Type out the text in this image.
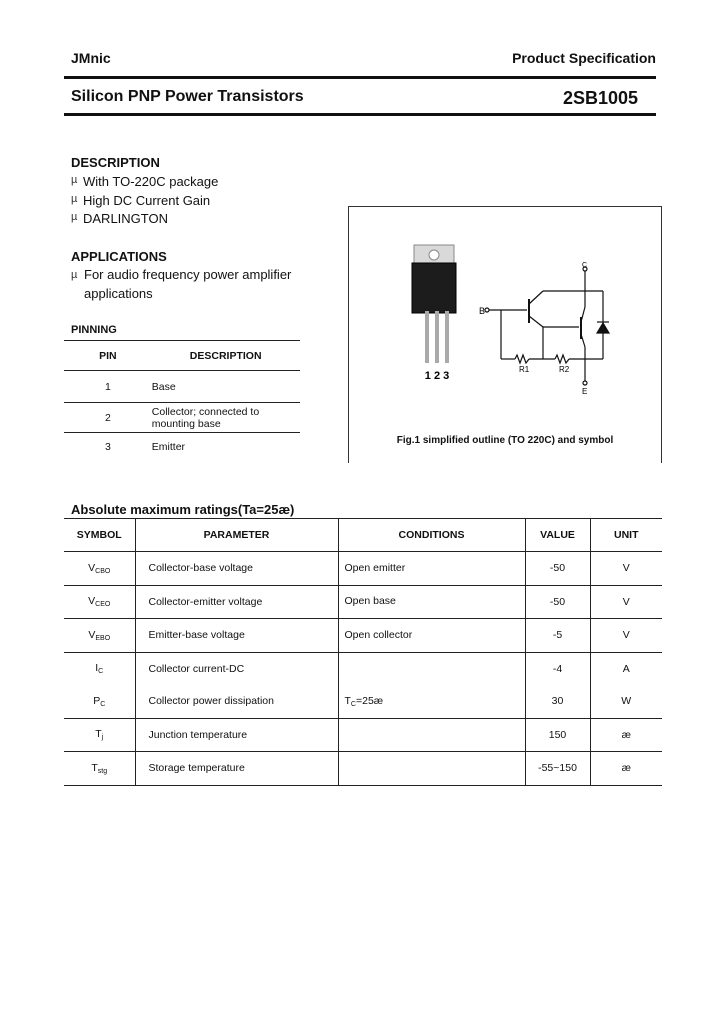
JMnic	Product Specification
Silicon PNP Power Transistors	2SB1005
DESCRIPTION
µ With TO-220C package
µ High DC Current Gain
µ DARLINGTON
APPLICATIONS
µ For audio frequency power amplifier applications
PINNING
PIN	DESCRIPTION
1	Base
2	Collector; connected to mounting base
3	Emitter
1 2 3
B
C
E
R1	R2
Fig.1 simplified outline (TO 220C) and symbol
Absolute maximum ratings(Ta=25æ)
SYMBOL	PARAMETER	CONDITIONS	VALUE	UNIT
$V_{CBO}$	Collector-base voltage	Open emitter	-50	V
$V_{CEO}$	Collector-emitter voltage	Open base	-50	V
$V_{EBO}$	Emitter-base voltage	Open collector	-5	V
$I_C$	Collector current-DC		-4	A
$P_C$	Collector power dissipation	$T_C=25æ$	30	W
$T_j$	Junction temperature		150	æ
$T_{stg}$	Storage temperature		-55~150	æ
